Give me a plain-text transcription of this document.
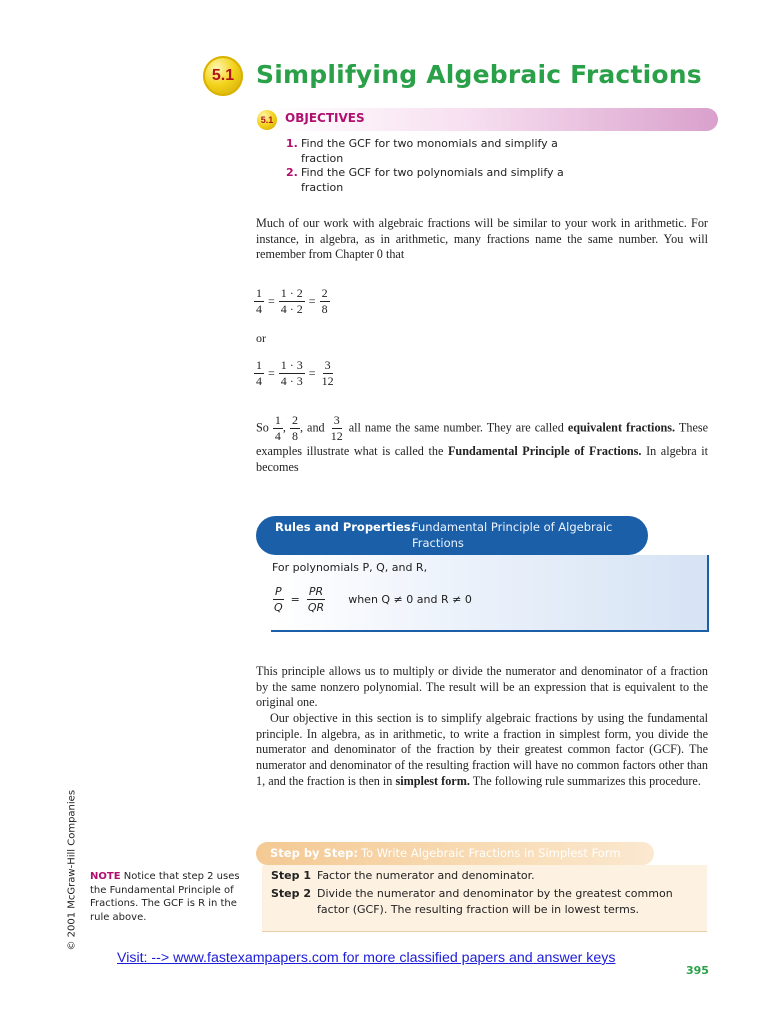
5.1 Simplifying Algebraic Fractions
5.1 OBJECTIVES
1. Find the GCF for two monomials and simplify a fraction
2. Find the GCF for two polynomials and simplify a fraction
Much of our work with algebraic fractions will be similar to your work in arithmetic. For instance, in algebra, as in arithmetic, many fractions name the same number. You will remember from Chapter 0 that
$\frac{1}{4} = \frac{1 \cdot 2}{4 \cdot 2} = \frac{2}{8}$
or
$\frac{1}{4} = \frac{1 \cdot 3}{4 \cdot 3} = \frac{3}{12}$
So $\frac{1}{4}$ , $\frac{2}{8}$ , and $\frac{3}{12}$ all name the same number. They are called equivalent fractions. These examples illustrate what is called the Fundamental Principle of Fractions. In algebra it becomes
Rules and Properties:
Fundamental Principle of Algebraic Fractions
For polynomials P, Q, and R,
$\frac{P}{Q} = \frac{PR}{QR}$ when Q ≠ 0 and R ≠ 0
This principle allows us to multiply or divide the numerator and denominator of a fraction by the same nonzero polynomial. The result will be an expression that is equivalent to the original one.
Our objective in this section is to simplify algebraic fractions by using the fundamental principle. In algebra, as in arithmetic, to write a fraction in simplest form, you divide the numerator and denominator of the fraction by their greatest common factor (GCF). The numerator and denominator of the resulting fraction will have no common factors other than 1, and the fraction is then in simplest form. The following rule summarizes this procedure.
Step by Step: To Write Algebraic Fractions in Simplest Form
Step 1 Factor the numerator and denominator.
Step 2 Divide the numerator and denominator by the greatest common factor (GCF). The resulting fraction will be in lowest terms.
NOTE Notice that step 2 uses the Fundamental Principle of Fractions. The GCF is R in the rule above.
© 2001 McGraw-Hill Companies
Visit: --> www.fastexampapers.com for more classified papers and answer keys
395
